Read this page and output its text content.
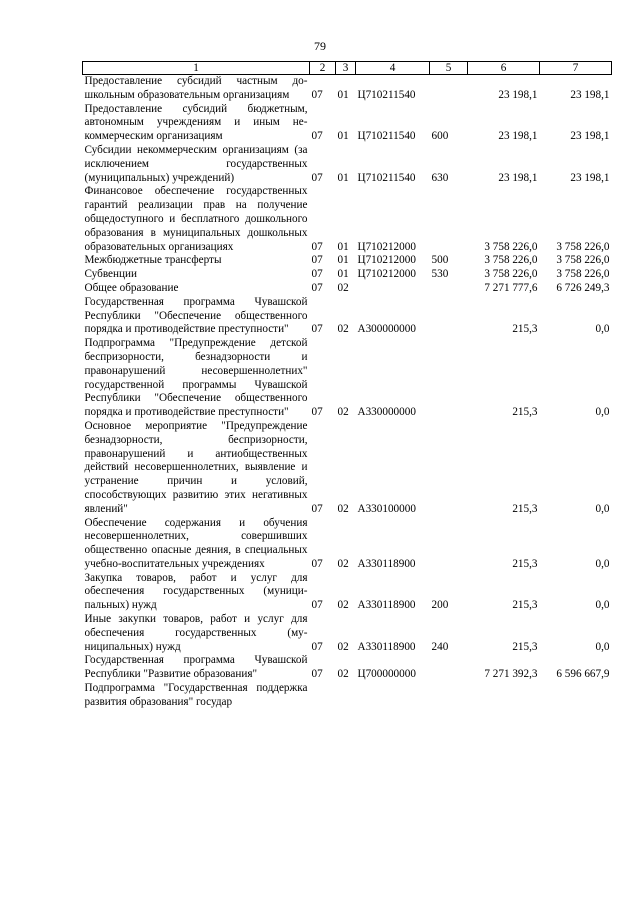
79
1	2	3	4	5	6	7
Предоставление субсидий частным дошкольным образовательным организациям	07	01	Ц710211540		23 198,1	23 198,1
Предоставление субсидий бюджетным, автономным учреждениям и иным некоммерческим организациям	07	01	Ц710211540	600	23 198,1	23 198,1
Субсидии некоммерческим организациям (за исключением государственных (муниципальных) учреждений)	07	01	Ц710211540	630	23 198,1	23 198,1
Финансовое обеспечение государственных гарантий реализации прав на получение общедоступного и бесплатного дошкольного образования в муниципальных дошкольных образовательных организациях	07	01	Ц710212000		3 758 226,0	3 758 226,0
Межбюджетные трансферты	07	01	Ц710212000	500	3 758 226,0	3 758 226,0
Субвенции	07	01	Ц710212000	530	3 758 226,0	3 758 226,0
Общее образование	07	02			7 271 777,6	6 726 249,3
Государственная программа Чувашской Республики "Обеспечение общественного порядка и противодействие преступности"	07	02	А300000000		215,3	0,0
Подпрограмма "Предупреждение детской беспризорности, безнадзорности и правонарушений несовершеннолетних" государственной программы Чувашской Республики "Обеспечение общественного порядка и противодействие преступности"	07	02	А330000000		215,3	0,0
Основное мероприятие "Предупреждение безнадзорности, беспризорности, правонарушений и антиобщественных действий несовершеннолетних, выявление и устранение причин и условий, способствующих развитию этих негативных явлений"	07	02	А330100000		215,3	0,0
Обеспечение содержания и обучения несовершеннолетних, совершивших общественно опасные деяния, в специальных учебно-воспитательных учреждениях	07	02	А330118900		215,3	0,0
Закупка товаров, работ и услуг для обеспечения государственных (муниципальных) нужд	07	02	А330118900	200	215,3	0,0
Иные закупки товаров, работ и услуг для обеспечения государственных (муниципальных) нужд	07	02	А330118900	240	215,3	0,0
Государственная программа Чувашской Республики "Развитие образования"	07	02	Ц700000000		7 271 392,3	6 596 667,9
Подпрограмма "Государственная поддержка развития образования" государ						
